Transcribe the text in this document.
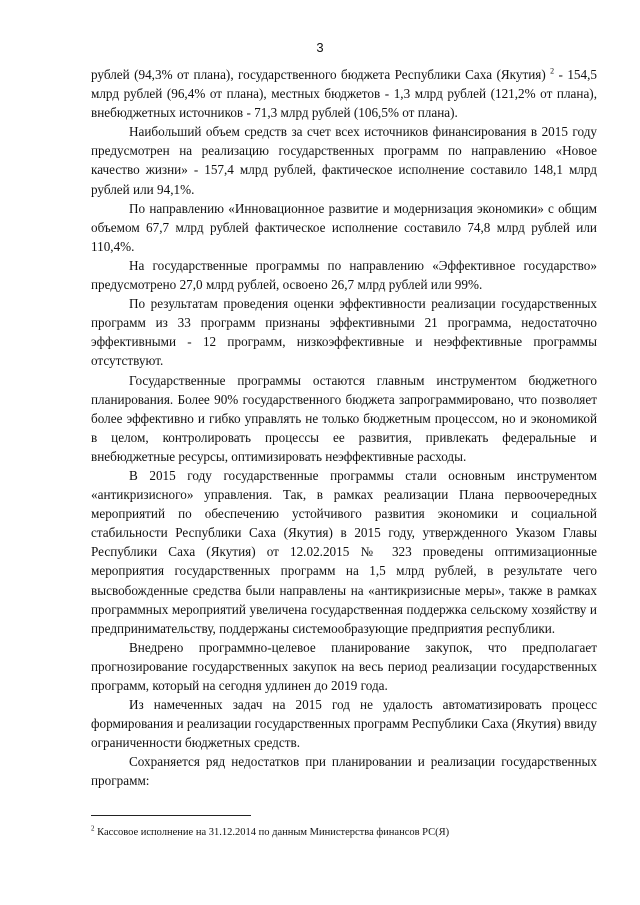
3

рублей (94,3% от плана), государственного бюджета Республики Саха (Якутия) $^2$ - 154,5 млрд рублей (96,4% от плана), местных бюджетов - 1,3 млрд рублей (121,2% от плана), внебюджетных источников - 71,3 млрд рублей (106,5% от плана).

Наибольший объем средств за счет всех источников финансирования в 2015 году предусмотрен на реализацию государственных программ по направлению «Новое качество жизни» - 157,4 млрд рублей, фактическое исполнение составило 148,1 млрд рублей или 94,1%.

По направлению «Инновационное развитие и модернизация экономики» с общим объемом 67,7 млрд рублей фактическое исполнение составило 74,8 млрд рублей или 110,4%.

На государственные программы по направлению «Эффективное государство» предусмотрено 27,0 млрд рублей, освоено 26,7 млрд рублей или 99%.

По результатам проведения оценки эффективности реализации государственных программ из 33 программ признаны эффективными 21 программа, недостаточно эффективными - 12 программ, низкоэффективные и неэффективные программы отсутствуют.

Государственные программы остаются главным инструментом бюджетного планирования. Более 90% государственного бюджета запрограммировано, что позволяет более эффективно и гибко управлять не только бюджетным процессом, но и экономикой в целом, контролировать процессы ее развития, привлекать федеральные и внебюджетные ресурсы, оптимизировать неэффективные расходы.

В 2015 году государственные программы стали основным инструментом «антикризисного» управления. Так, в рамках реализации Плана первоочередных мероприятий по обеспечению устойчивого развития экономики и социальной стабильности Республики Саха (Якутия) в 2015 году, утвержденного Указом Главы Республики Саха (Якутия) от 12.02.2015 № 323 проведены оптимизационные мероприятия государственных программ на 1,5 млрд рублей, в результате чего высвобожденные средства были направлены на «антикризисные меры», также в рамках программных мероприятий увеличена государственная поддержка сельскому хозяйству и предпринимательству, поддержаны системообразующие предприятия республики.

Внедрено программно-целевое планирование закупок, что предполагает прогнозирование государственных закупок на весь период реализации государственных программ, который на сегодня удлинен до 2019 года.

Из намеченных задач на 2015 год не удалость автоматизировать процесс формирования и реализации государственных программ Республики Саха (Якутия) ввиду ограниченности бюджетных средств.

Сохраняется ряд недостатков при планировании и реализации государственных программ:

$^2$ Кассовое исполнение на 31.12.2014 по данным Министерства финансов РС(Я)
